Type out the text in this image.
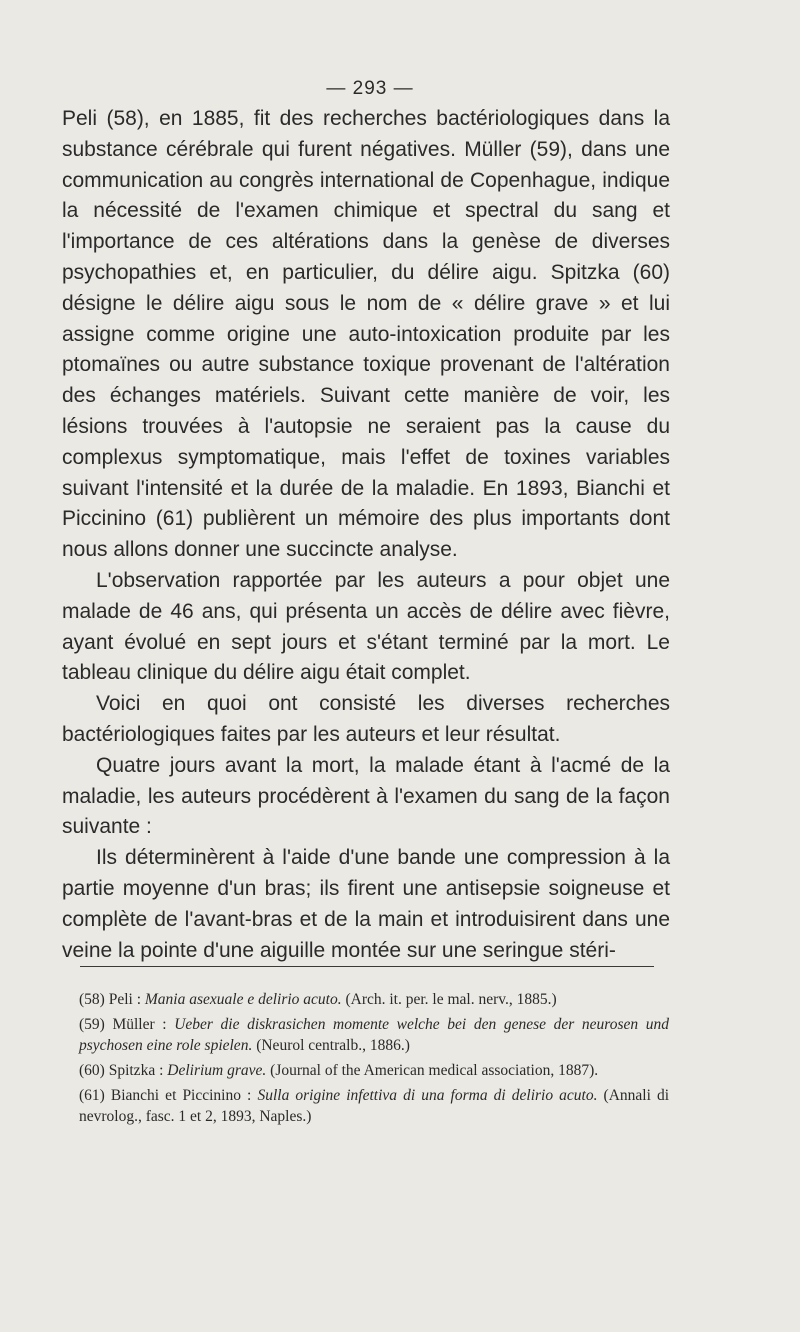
— 293 —

Peli (58), en 1885, fit des recherches bactériologiques dans la substance cérébrale qui furent négatives. Müller (59), dans une communication au congrès international de Copenhague, indique la nécessité de l'examen chimique et spectral du sang et l'importance de ces altérations dans la genèse de diverses psychopathies et, en particulier, du délire aigu. Spitzka (60) désigne le délire aigu sous le nom de « délire grave » et lui assigne comme origine une auto-intoxication produite par les ptomaïnes ou autre substance toxique provenant de l'altération des échanges matériels. Suivant cette manière de voir, les lésions trouvées à l'autopsie ne seraient pas la cause du complexus symptomatique, mais l'effet de toxines variables suivant l'intensité et la durée de la maladie. En 1893, Bianchi et Piccinino (61) publièrent un mémoire des plus importants dont nous allons donner une succincte analyse.

L'observation rapportée par les auteurs a pour objet une malade de 46 ans, qui présenta un accès de délire avec fièvre, ayant évolué en sept jours et s'étant terminé par la mort. Le tableau clinique du délire aigu était complet.

Voici en quoi ont consisté les diverses recherches bactériologiques faites par les auteurs et leur résultat.

Quatre jours avant la mort, la malade étant à l'acmé de la maladie, les auteurs procédèrent à l'examen du sang de la façon suivante :

Ils déterminèrent à l'aide d'une bande une compression à la partie moyenne d'un bras; ils firent une antisepsie soigneuse et complète de l'avant-bras et de la main et introduisirent dans une veine la pointe d'une aiguille montée sur une seringue stéri-

(58) Peli : Mania asexuale e delirio acuto. (Arch. it. per. le mal. nerv., 1885.)

(59) Müller : Ueber die diskrasichen momente welche bei den genese der neurosen und psychosen eine role spielen. (Neurol centralb., 1886.)

(60) Spitzka : Delirium grave. (Journal of the American medical association, 1887).

(61) Bianchi et Piccinino : Sulla origine infettiva di una forma di delirio acuto. (Annali di nevrolog., fasc. 1 et 2, 1893, Naples.)
